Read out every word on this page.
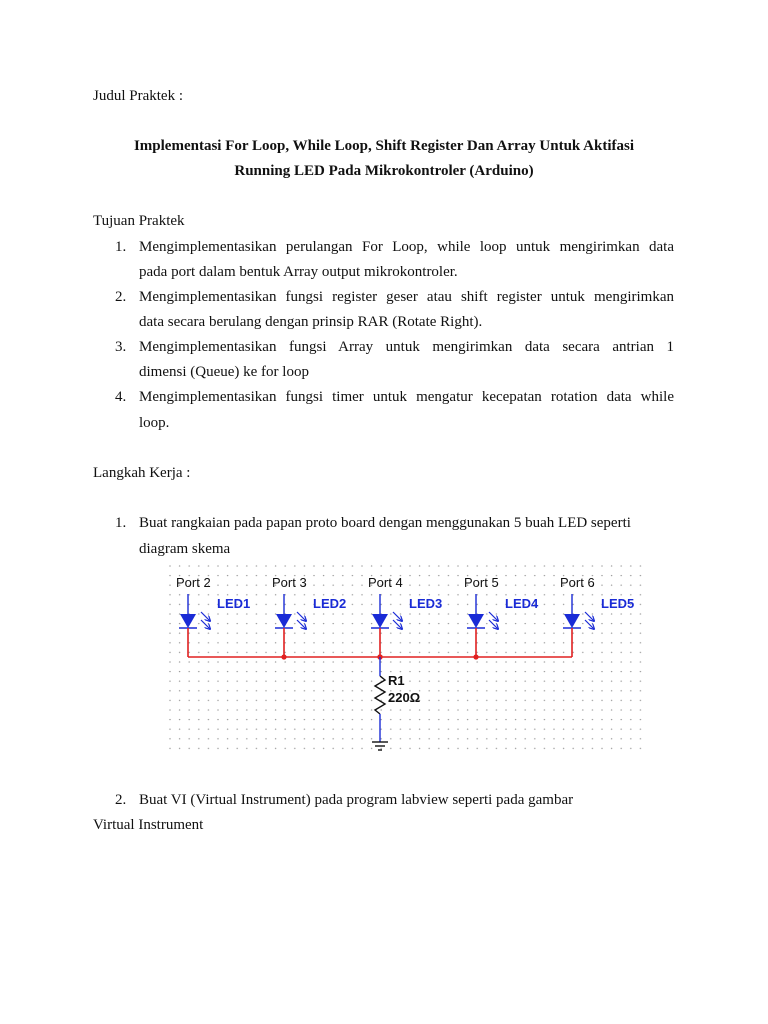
Judul Praktek :
Implementasi For Loop, While Loop, Shift Register Dan Array Untuk Aktifasi
Running LED Pada Mikrokontroler (Arduino)
Tujuan Praktek
1. Mengimplementasikan perulangan For Loop, while loop untuk mengirimkan data
pada port dalam bentuk Array output mikrokontroler.
2. Mengimplementasikan fungsi register geser atau shift register untuk mengirimkan
data secara berulang dengan prinsip RAR (Rotate Right).
3. Mengimplementasikan fungsi Array untuk mengirimkan data secara antrian 1
dimensi (Queue) ke for loop
4. Mengimplementasikan fungsi timer untuk mengatur kecepatan rotation data while
loop.
Langkah Kerja :
1. Buat rangkaian pada papan proto board dengan menggunakan 5 buah LED seperti
diagram skema
Port 2
LED1
Port 3
LED2
Port 4
LED3
Port 5
LED4
Port 6
LED5
R1
220Ω
2. Buat VI (Virtual Instrument) pada program labview seperti pada gambar
Virtual Instrument
